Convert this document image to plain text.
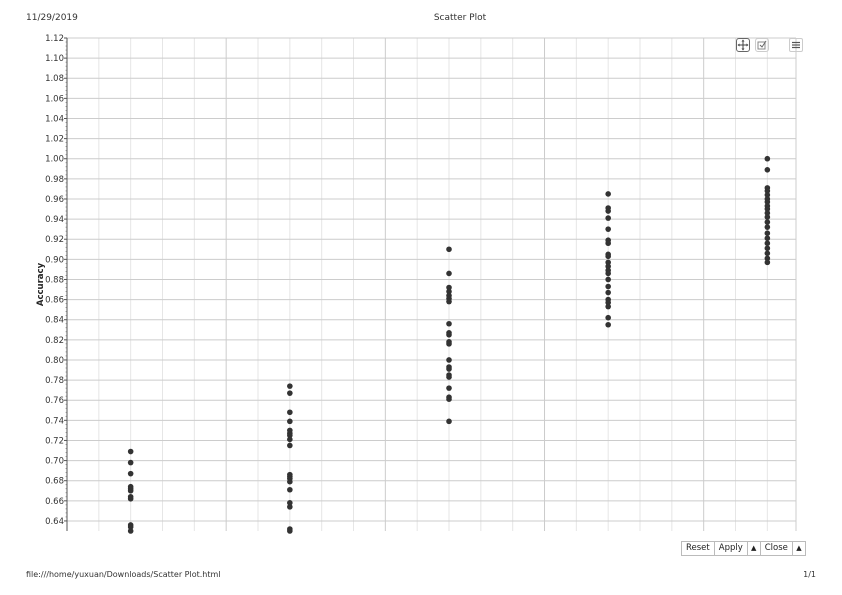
11/29/2019	Scatter Plot
0.64
0.66
0.68
0.70
0.72
0.74
0.76
0.78
0.80
0.82
0.84
0.86
0.88
0.90
0.92
0.94
0.96
0.98
1.00
1.02
1.04
1.06
1.08
1.10
1.12
Accuracy
Reset	Apply	▲ Close	▲
file:///home/yuxuan/Downloads/Scatter Plot.html	1/1
